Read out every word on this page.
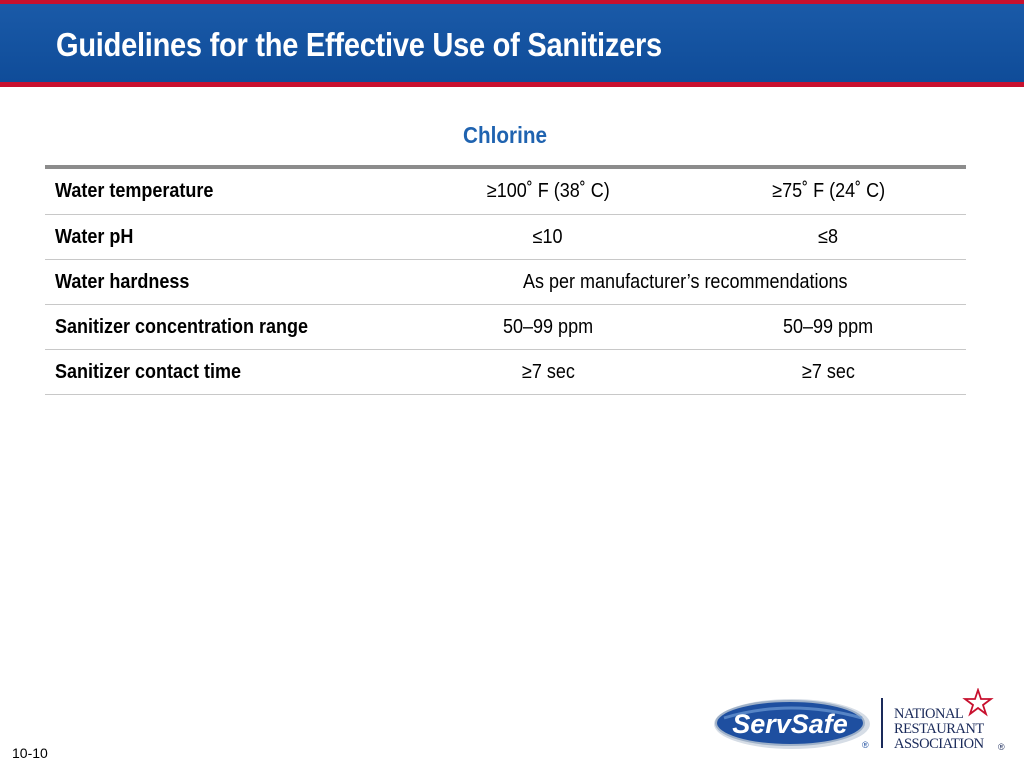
Guidelines for the Effective Use of Sanitizers
Chlorine
Water temperature	≥100˚ F (38˚ C)	≥75˚ F (24˚ C)
Water pH	≤10	≤8
Water hardness	As per manufacturer’s recommendations	
Sanitizer concentration range	50–99 ppm	50–99 ppm
Sanitizer contact time	≥7 sec	≥7 sec
10-10
ServSafe
®
NATIONAL
RESTAURANT
ASSOCIATION ®
